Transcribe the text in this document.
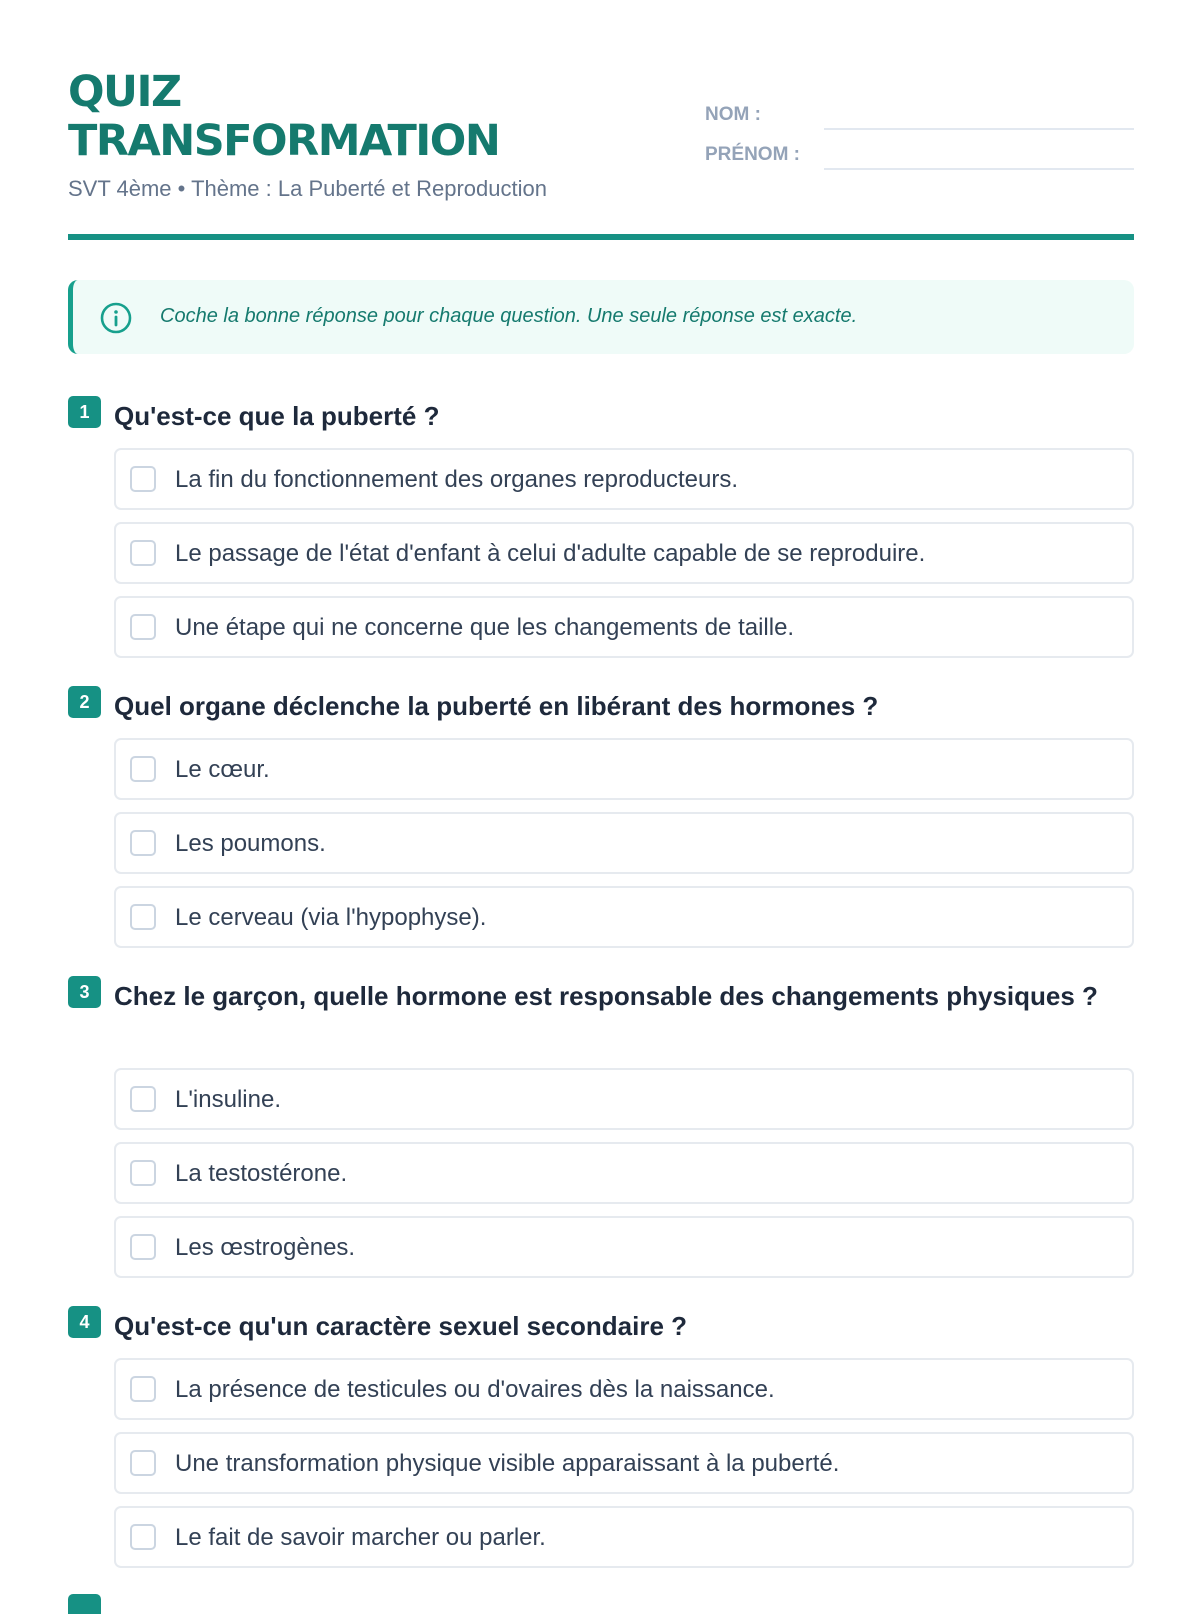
QUIZ
TRANSFORMATION
SVT 4ème • Thème : La Puberté et Reproduction
NOM :
PRÉNOM :
Coche la bonne réponse pour chaque question. Une seule réponse est exacte.
1 Qu'est-ce que la puberté ?

La fin du fonctionnement des organes reproducteurs.
Le passage de l'état d'enfant à celui d'adulte capable de se reproduire.
Une étape qui ne concerne que les changements de taille.
2 Quel organe déclenche la puberté en libérant des hormones ?

Le cœur.
Les poumons.
Le cerveau (via l'hypophyse).
3 Chez le garçon, quelle hormone est responsable des changements physiques ?

L'insuline.
La testostérone.
Les œstrogènes.
4 Qu'est-ce qu'un caractère sexuel secondaire ?

La présence de testicules ou d'ovaires dès la naissance.
Une transformation physique visible apparaissant à la puberté.
Le fait de savoir marcher ou parler.
